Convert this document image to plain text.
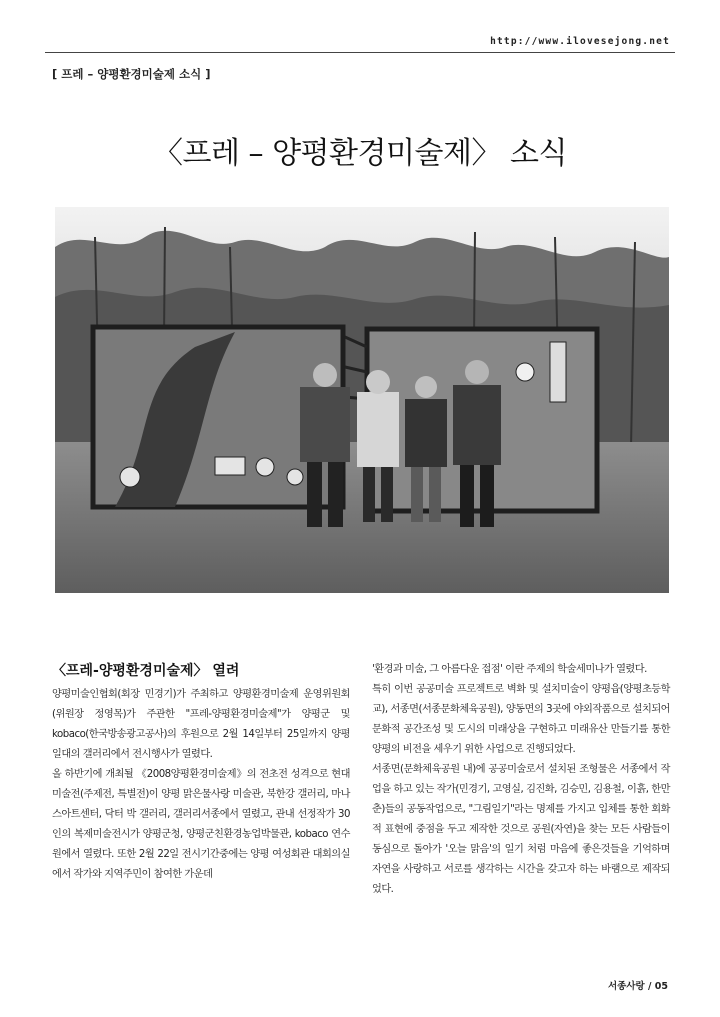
http://www.ilovesejong.net
[ 프레 – 양평환경미술제 소식 ]
〈프레 – 양평환경미술제〉 소식
〈프레-양평환경미술제〉 열려

양평미술인협회(회장 민경기)가 주최하고 양평환경미술제 운영위원회(위원장 정영목)가 주관한 "프레-양평환경미술제"가 양평군 및 kobaco(한국방송광고공사)의 후원으로 2월 14일부터 25일까지 양평일대의 갤러리에서 전시행사가 열렸다.

올 하반기에 개최될 《2008양평환경미술제》의 전초전 성격으로 현대미술전(주제전, 특별전)이 양평 맑은물사랑 미술관, 북한강 갤러리, 마나스아트센터, 닥터 박 갤러리, 갤러리서종에서 열렸고, 관내 선정작가 30인의 복제미술전시가 양평군청, 양평군친환경농업박물관, kobaco 연수원에서 열렸다. 또한 2월 22일 전시기간중에는 양평 여성회관 대회의실에서 작가와 지역주민이 참여한 가운데

'환경과 미술, 그 아름다운 접점' 이란 주제의 학술세미나가 열렸다.

특히 이번 공공미술 프로젝트로 벽화 및 설치미술이 양평읍(양평초등학교), 서종면(서종문화체육공원), 양동면의 3곳에 야외작품으로 설치되어 문화적 공간조성 및 도시의 미래상을 구현하고 미래유산 만들기를 통한 양평의 비전을 세우기 위한 사업으로 진행되었다.

서종면(문화체육공원 내)에 공공미술로서 설치된 조형물은 서종에서 작업을 하고 있는 작가(민경기, 고영실, 김진화, 김승민, 김용철, 이흙, 한만춘)들의 공동작업으로, "그림일기"라는 명제를 가지고 입체를 통한 회화적 표현에 중점을 두고 제작한 것으로 공원(자연)을 찾는 모든 사람들이 동심으로 돌아가 '오늘 맑음'의 일기 처럼 마음에 좋은것들을 기억하며 자연을 사랑하고 서로를 생각하는 시간을 갖고자 하는 바램으로 제작되었다.

서종사랑 / 05
